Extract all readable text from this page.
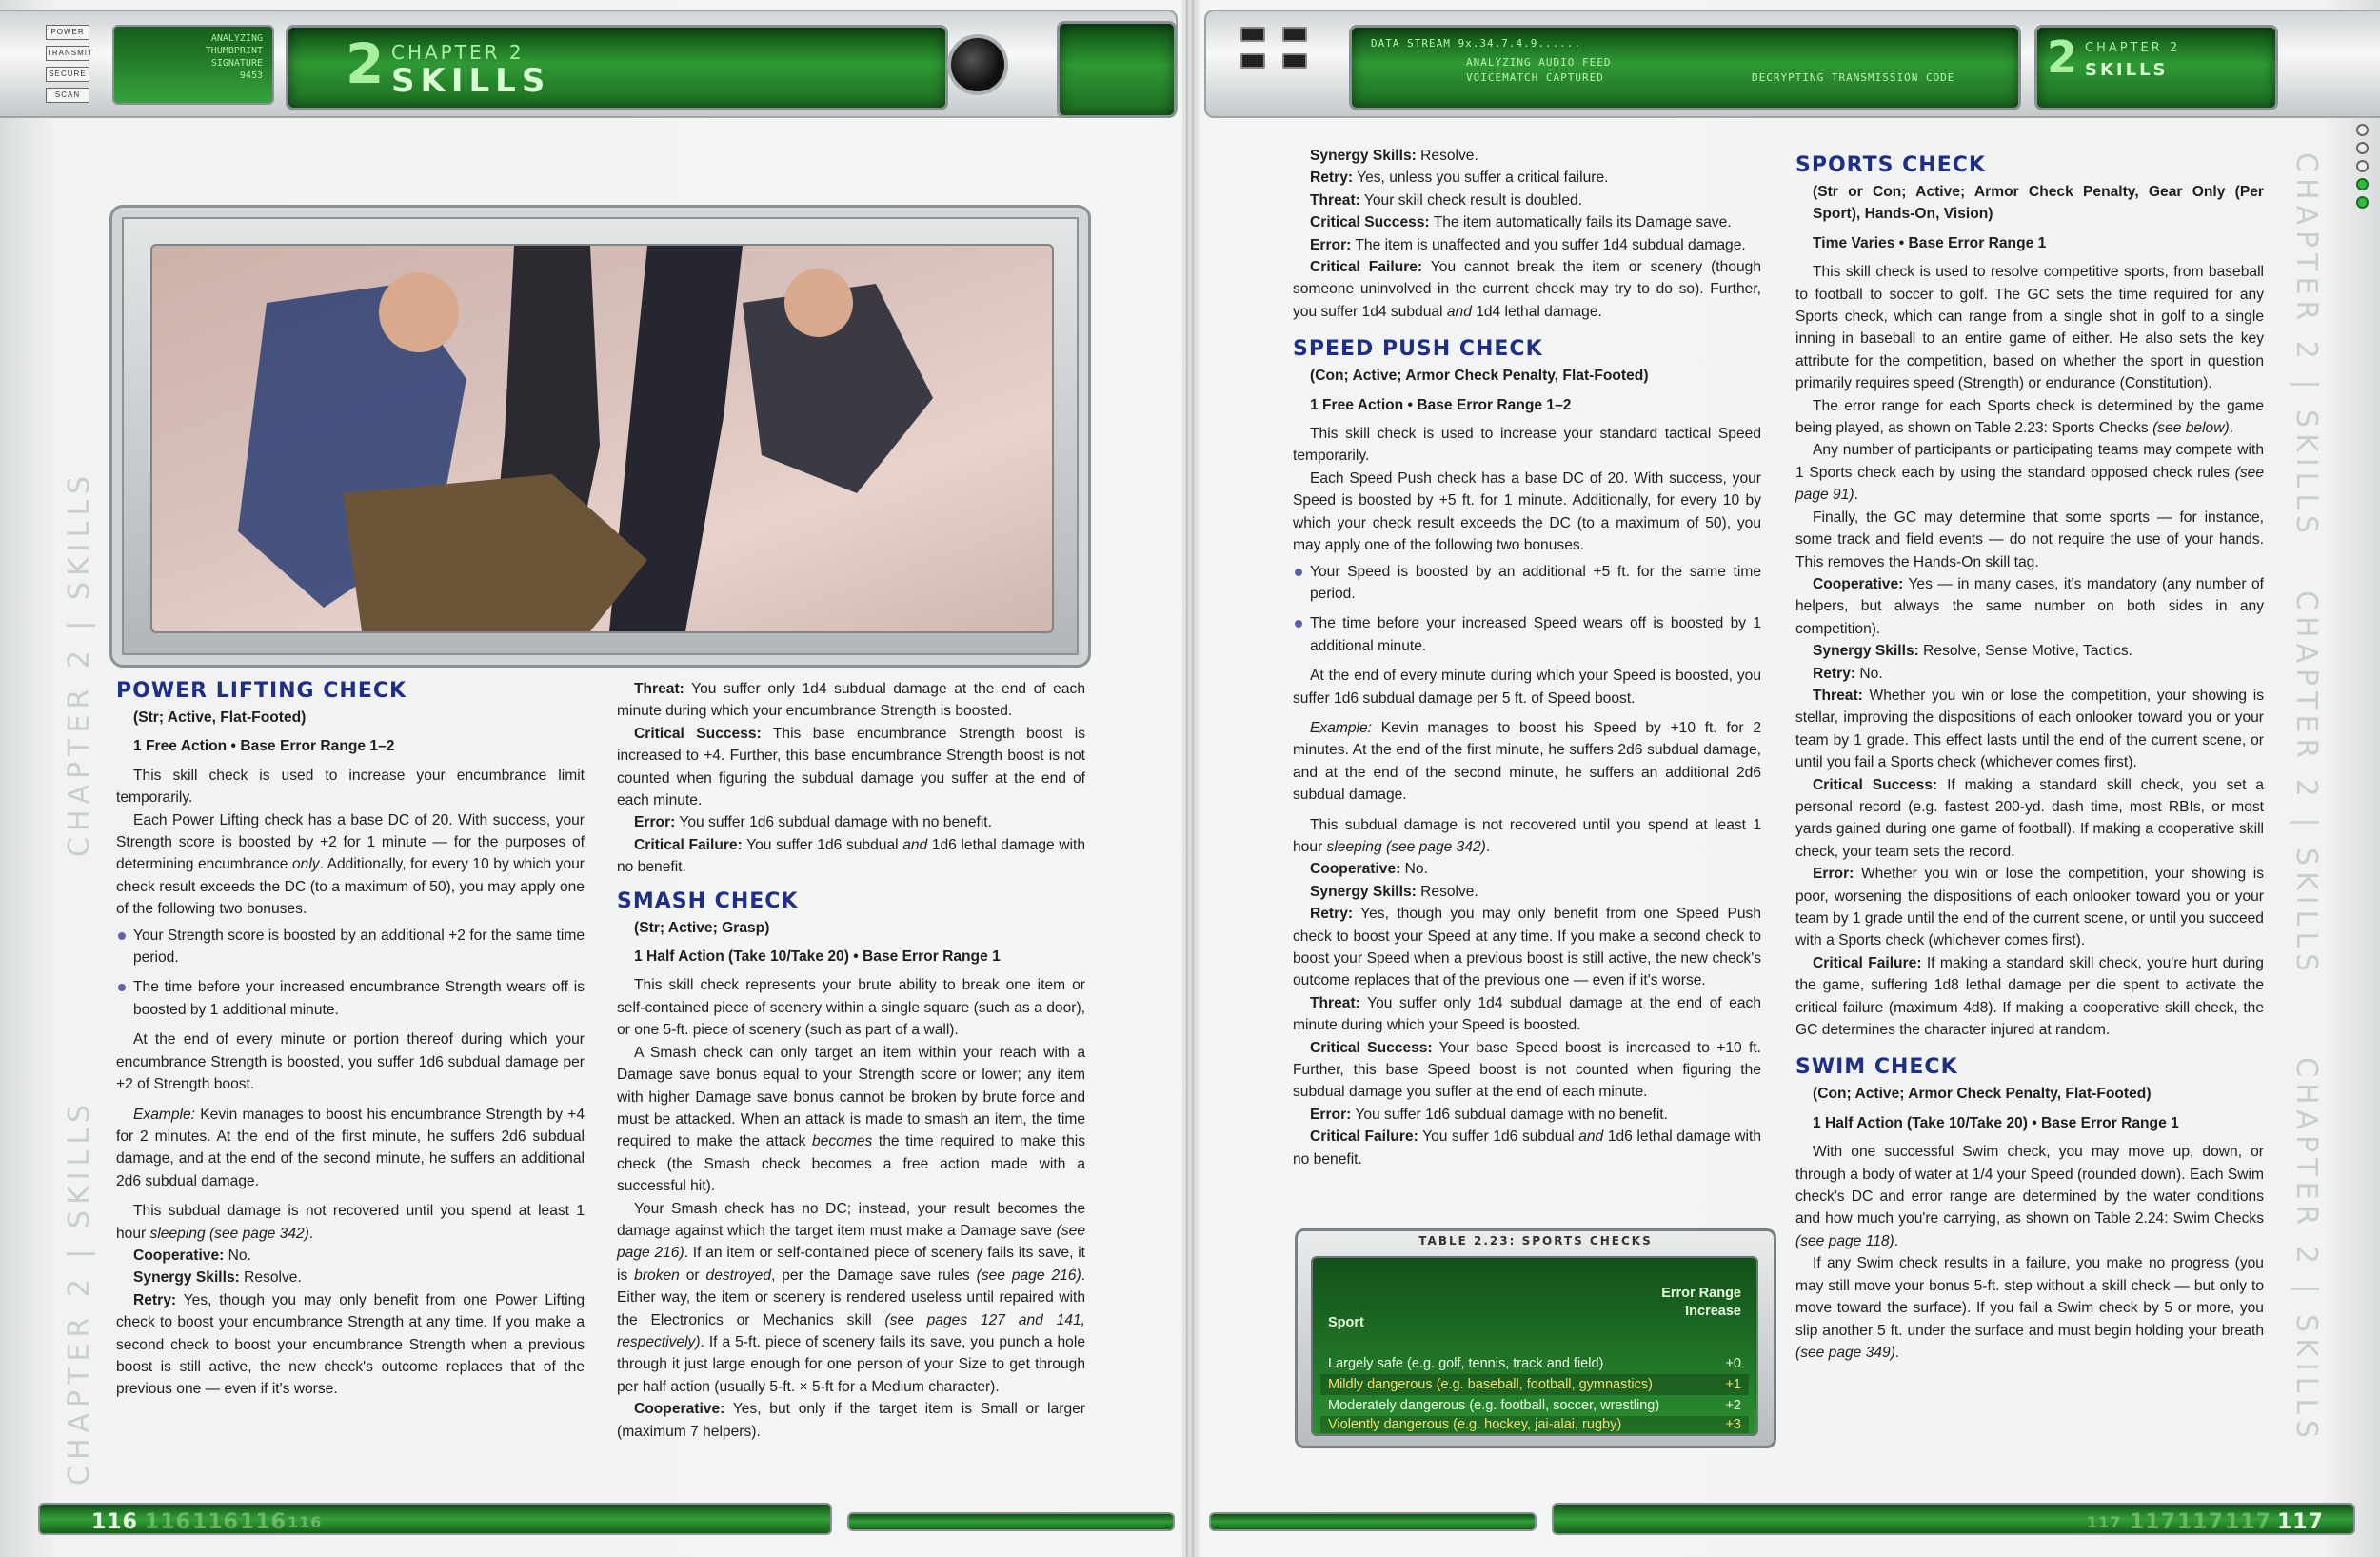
POWER
TRANSMIT
SECURE
SCAN
ANALYZING
THUMBPRINT
SIGNATURE
9453 2 CHAPTER 2
SKILLS
DATA STREAM 9x.34.7.4.9......
ANALYZING AUDIO FEED
VOICEMATCH CAPTURED	DECRYPTING TRANSMISSION CODE 2 CHAPTER 2
SKILLS
CHAPTER 2 | SKILLS
CHAPTER 2 | SKILLS
CHAPTER 2 | SKILLS
CHAPTER 2 | SKILLS
CHAPTER 2 | SKILLS
POWER LIFTING CHECK

(Str; Active, Flat-Footed)

1 Free Action • Base Error Range 1–2

This skill check is used to increase your encumbrance limit temporarily.

Each Power Lifting check has a base DC of 20. With success, your Strength score is boosted by +2 for 1 minute — for the purposes of determining encumbrance only. Additionally, for every 10 by which your check result exceeds the DC (to a maximum of 50), you may apply one of the following two bonuses.

Your Strength score is boosted by an additional +2 for the same time period.
The time before your increased encumbrance Strength wears off is boosted by 1 additional minute.

At the end of every minute or portion thereof during which your encumbrance Strength is boosted, you suffer 1d6 subdual damage per +2 of Strength boost.

Example: Kevin manages to boost his encumbrance Strength by +4 for 2 minutes. At the end of the first minute, he suffers 2d6 subdual damage, and at the end of the second minute, he suffers an additional 2d6 subdual damage.

This subdual damage is not recovered until you spend at least 1 hour sleeping (see page 342).

Cooperative: No.

Synergy Skills: Resolve.

Retry: Yes, though you may only benefit from one Power Lifting check to boost your encumbrance Strength at any time. If you make a second check to boost your encumbrance Strength when a previous boost is still active, the new check's outcome replaces that of the previous one — even if it's worse.

Threat: You suffer only 1d4 subdual damage at the end of each minute during which your encumbrance Strength is boosted.

Critical Success: This base encumbrance Strength boost is increased to +4. Further, this base encumbrance Strength boost is not counted when figuring the subdual damage you suffer at the end of each minute.

Error: You suffer 1d6 subdual damage with no benefit.

Critical Failure: You suffer 1d6 subdual and 1d6 lethal damage with no benefit.

SMASH CHECK

(Str; Active; Grasp)

1 Half Action (Take 10/Take 20) • Base Error Range 1

This skill check represents your brute ability to break one item or self-contained piece of scenery within a single square (such as a door), or one 5-ft. piece of scenery (such as part of a wall).

A Smash check can only target an item within your reach with a Damage save bonus equal to your Strength score or lower; any item with higher Damage save bonus cannot be broken by brute force and must be attacked. When an attack is made to smash an item, the time required to make the attack becomes the time required to make this check (the Smash check becomes a free action made with a successful hit).

Your Smash check has no DC; instead, your result becomes the damage against which the target item must make a Damage save (see page 216). If an item or self-contained piece of scenery fails its save, it is broken or destroyed, per the Damage save rules (see page 216). Either way, the item or scenery is rendered useless until repaired with the Electronics or Mechanics skill (see pages 127 and 141, respectively). If a 5-ft. piece of scenery fails its save, you punch a hole through it just large enough for one person of your Size to get through per half action (usually 5-ft. × 5-ft for a Medium character).

Cooperative: Yes, but only if the target item is Small or larger (maximum 7 helpers).

Synergy Skills: Resolve.

Retry: Yes, unless you suffer a critical failure.

Threat: Your skill check result is doubled.

Critical Success: The item automatically fails its Damage save.

Error: The item is unaffected and you suffer 1d4 subdual damage.

Critical Failure: You cannot break the item or scenery (though someone uninvolved in the current check may try to do so). Further, you suffer 1d4 subdual and 1d4 lethal damage.

SPEED PUSH CHECK

(Con; Active; Armor Check Penalty, Flat-Footed)

1 Free Action • Base Error Range 1–2

This skill check is used to increase your standard tactical Speed temporarily.

Each Speed Push check has a base DC of 20. With success, your Speed is boosted by +5 ft. for 1 minute. Additionally, for every 10 by which your check result exceeds the DC (to a maximum of 50), you may apply one of the following two bonuses.

Your Speed is boosted by an additional +5 ft. for the same time period.
The time before your increased Speed wears off is boosted by 1 additional minute.

At the end of every minute during which your Speed is boosted, you suffer 1d6 subdual damage per 5 ft. of Speed boost.

Example: Kevin manages to boost his Speed by +10 ft. for 2 minutes. At the end of the first minute, he suffers 2d6 subdual damage, and at the end of the second minute, he suffers an additional 2d6 subdual damage.

This subdual damage is not recovered until you spend at least 1 hour sleeping (see page 342).

Cooperative: No.

Synergy Skills: Resolve.

Retry: Yes, though you may only benefit from one Speed Push check to boost your Speed at any time. If you make a second check to boost your Speed when a previous boost is still active, the new check's outcome replaces that of the previous one — even if it's worse.

Threat: You suffer only 1d4 subdual damage at the end of each minute during which your Speed is boosted.

Critical Success: Your base Speed boost is increased to +10 ft. Further, this base Speed boost is not counted when figuring the subdual damage you suffer at the end of each minute.

Error: You suffer 1d6 subdual damage with no benefit.

Critical Failure: You suffer 1d6 subdual and 1d6 lethal damage with no benefit.

TABLE 2.23: SPORTS CHECKS
Error Range
Increase
Sport
Largely safe (e.g. golf, tennis, track and field)	+0
Mildly dangerous (e.g. baseball, football, gymnastics)	+1
Moderately dangerous (e.g. football, soccer, wrestling)	+2
Violently dangerous (e.g. hockey, jai-alai, rugby)	+3
SPORTS CHECK

(Str or Con; Active; Armor Check Penalty, Gear Only (Per Sport), Hands-On, Vision)

Time Varies • Base Error Range 1

This skill check is used to resolve competitive sports, from baseball to football to soccer to golf. The GC sets the time required for any Sports check, which can range from a single shot in golf to a single inning in baseball to an entire game of either. He also sets the key attribute for the competition, based on whether the sport in question primarily requires speed (Strength) or endurance (Constitution).

The error range for each Sports check is determined by the game being played, as shown on Table 2.23: Sports Checks (see below).

Any number of participants or participating teams may compete with 1 Sports check each by using the standard opposed check rules (see page 91).

Finally, the GC may determine that some sports — for instance, some track and field events — do not require the use of your hands. This removes the Hands-On skill tag.

Cooperative: Yes — in many cases, it's mandatory (any number of helpers, but always the same number on both sides in any competition).

Synergy Skills: Resolve, Sense Motive, Tactics.

Retry: No.

Threat: Whether you win or lose the competition, your showing is stellar, improving the dispositions of each onlooker toward you or your team by 1 grade. This effect lasts until the end of the current scene, or until you fail a Sports check (whichever comes first).

Critical Success: If making a standard skill check, you set a personal record (e.g. fastest 200-yd. dash time, most RBIs, or most yards gained during one game of football). If making a cooperative skill check, your team sets the record.

Error: Whether you win or lose the competition, your showing is poor, worsening the dispositions of each onlooker toward you or your team by 1 grade until the end of the current scene, or until you succeed with a Sports check (whichever comes first).

Critical Failure: If making a standard skill check, you're hurt during the game, suffering 1d8 lethal damage per die spent to activate the critical failure (maximum 4d8). If making a cooperative skill check, the GC determines the character injured at random.

SWIM CHECK

(Con; Active; Armor Check Penalty, Flat-Footed)

1 Half Action (Take 10/Take 20) • Base Error Range 1

With one successful Swim check, you may move up, down, or through a body of water at 1/4 your Speed (rounded down). Each Swim check's DC and error range are determined by the water conditions and how much you're carrying, as shown on Table 2.24: Swim Checks (see page 118).

If any Swim check results in a failure, you make no progress (you may still move your bonus 5-ft. step without a skill check — but only to move toward the surface). If you fail a Swim check by 5 or more, you slip another 5 ft. under the surface and must begin holding your breath (see page 349).

116 116 116 116 116	117 117 117 117 117
